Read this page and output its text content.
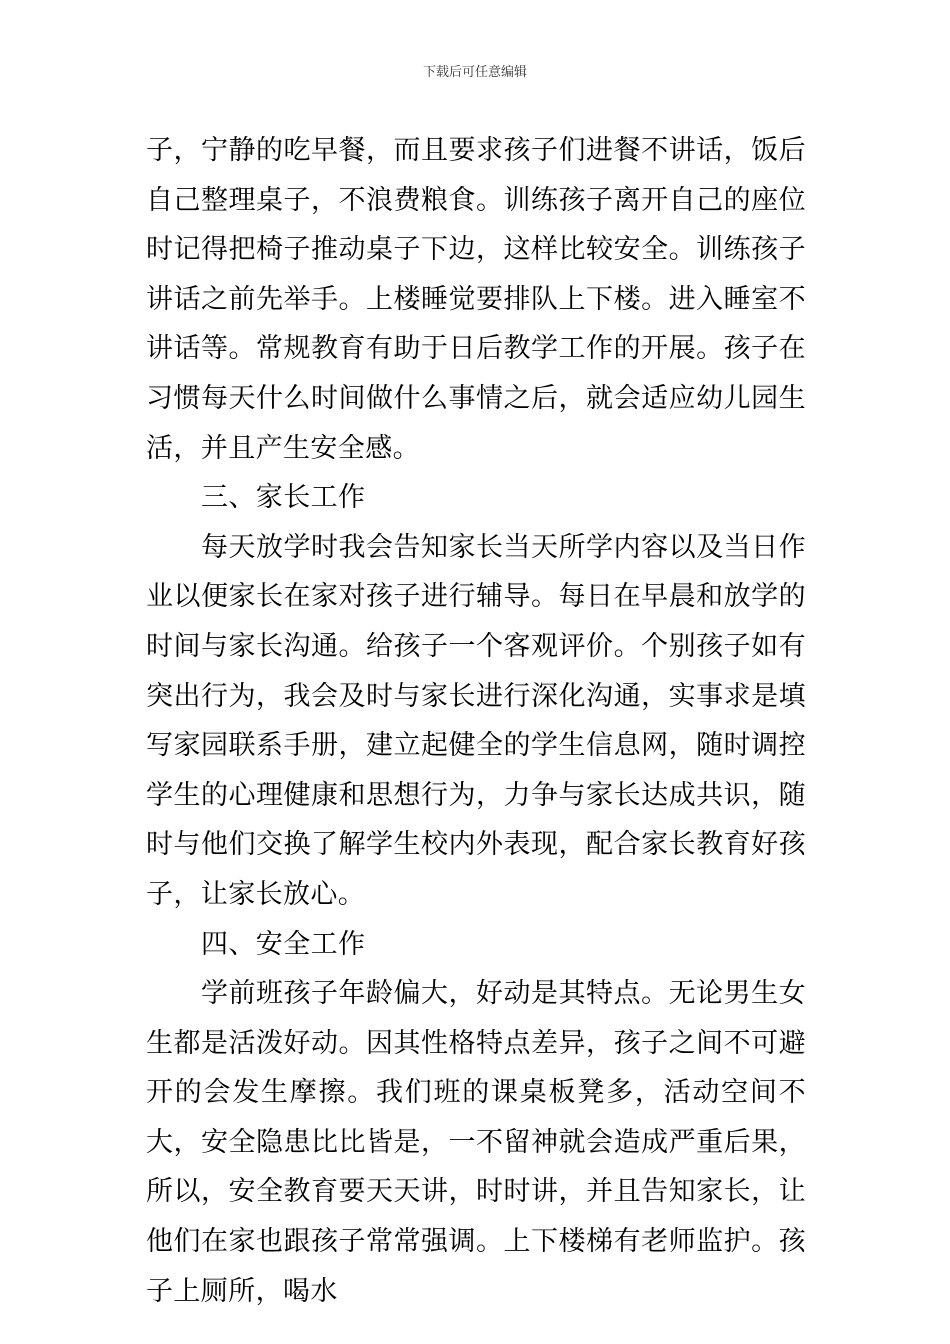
下载后可任意编辑

子，宁静的吃早餐，而且要求孩子们进餐不讲话，饭后自己整理桌子，不浪费粮食。训练孩子离开自己的座位时记得把椅子推动桌子下边，这样比较安全。训练孩子讲话之前先举手。上楼睡觉要排队上下楼。进入睡室不讲话等。常规教育有助于日后教学工作的开展。孩子在习惯每天什么时间做什么事情之后，就会适应幼儿园生活，并且产生安全感。

三、家长工作

每天放学时我会告知家长当天所学内容以及当日作业以便家长在家对孩子进行辅导。每日在早晨和放学的时间与家长沟通。给孩子一个客观评价。个别孩子如有突出行为，我会及时与家长进行深化沟通，实事求是填写家园联系手册，建立起健全的学生信息网，随时调控学生的心理健康和思想行为，力争与家长达成共识，随时与他们交换了解学生校内外表现，配合家长教育好孩子，让家长放心。

四、安全工作

学前班孩子年龄偏大，好动是其特点。无论男生女生都是活泼好动。因其性格特点差异，孩子之间不可避开的会发生摩擦。我们班的课桌板凳多，活动空间不大，安全隐患比比皆是，一不留神就会造成严重后果，所以，安全教育要天天讲，时时讲，并且告知家长，让他们在家也跟孩子常常强调。上下楼梯有老师监护。孩子上厕所，喝水
